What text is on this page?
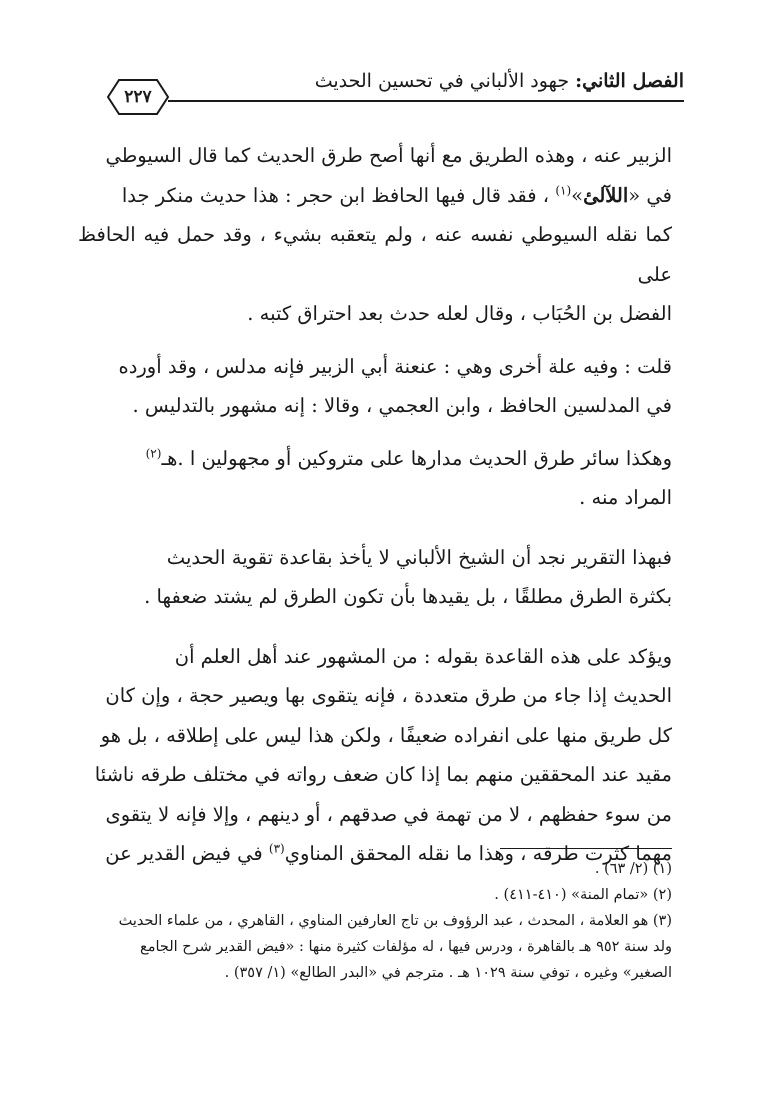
الفصل الثاني: جهود الألباني في تحسين الحديث
٢٢٧

الزبير عنه ، وهذه الطريق مع أنها أصح طرق الحديث كما قال السيوطي
في «اللآلئ»$^{(١)}$ ، فقد قال فيها الحافظ ابن حجر : هذا حديث منكر جدا
كما نقله السيوطي نفسه عنه ، ولم يتعقبه بشيء ، وقد حمل فيه الحافظ على
الفضل بن الحُبَاب ، وقال لعله حدث بعد احتراق كتبه .

قلت : وفيه علة أخرى وهي : عنعنة أبي الزبير فإنه مدلس ، وقد أورده
في المدلسين الحافظ ، وابن العجمي ، وقالا : إنه مشهور بالتدليس .

وهكذا سائر طرق الحديث مدارها على متروكين أو مجهولين ا .هـ$^{(٢)}$
المراد منه .

فبهذا التقرير نجد أن الشيخ الألباني لا يأخذ بقاعدة تقوية الحديث
بكثرة الطرق مطلقًا ، بل يقيدها بأن تكون الطرق لم يشتد ضعفها .

ويؤكد على هذه القاعدة بقوله : من المشهور عند أهل العلم أن
الحديث إذا جاء من طرق متعددة ، فإنه يتقوى بها ويصير حجة ، وإن كان
كل طريق منها على انفراده ضعيفًا ، ولكن هذا ليس على إطلاقه ، بل هو
مقيد عند المحققين منهم بما إذا كان ضعف رواته في مختلف طرقه ناشئا
من سوء حفظهم ، لا من تهمة في صدقهم ، أو دينهم ، وإلا فإنه لا يتقوى
مهما كثرت طرقه ، وهذا ما نقله المحقق المناوي$^{(٣)}$ في فيض القدير عن

(١) (٢/ ٦٣) .

(٢) «تمام المنة» (٤١٠-٤١١) .

(٣) هو العلامة ، المحدث ، عبد الرؤوف بن تاج العارفين المناوي ، القاهري ، من علماء الحديث
ولد سنة ٩٥٢ هـ بالقاهرة ، ودرس فيها ، له مؤلفات كثيرة منها : «فيض القدير شرح الجامع
الصغير» وغيره ، توفي سنة ١٠٢٩ هـ . مترجم في «البدر الطالع» (١/ ٣٥٧) .
